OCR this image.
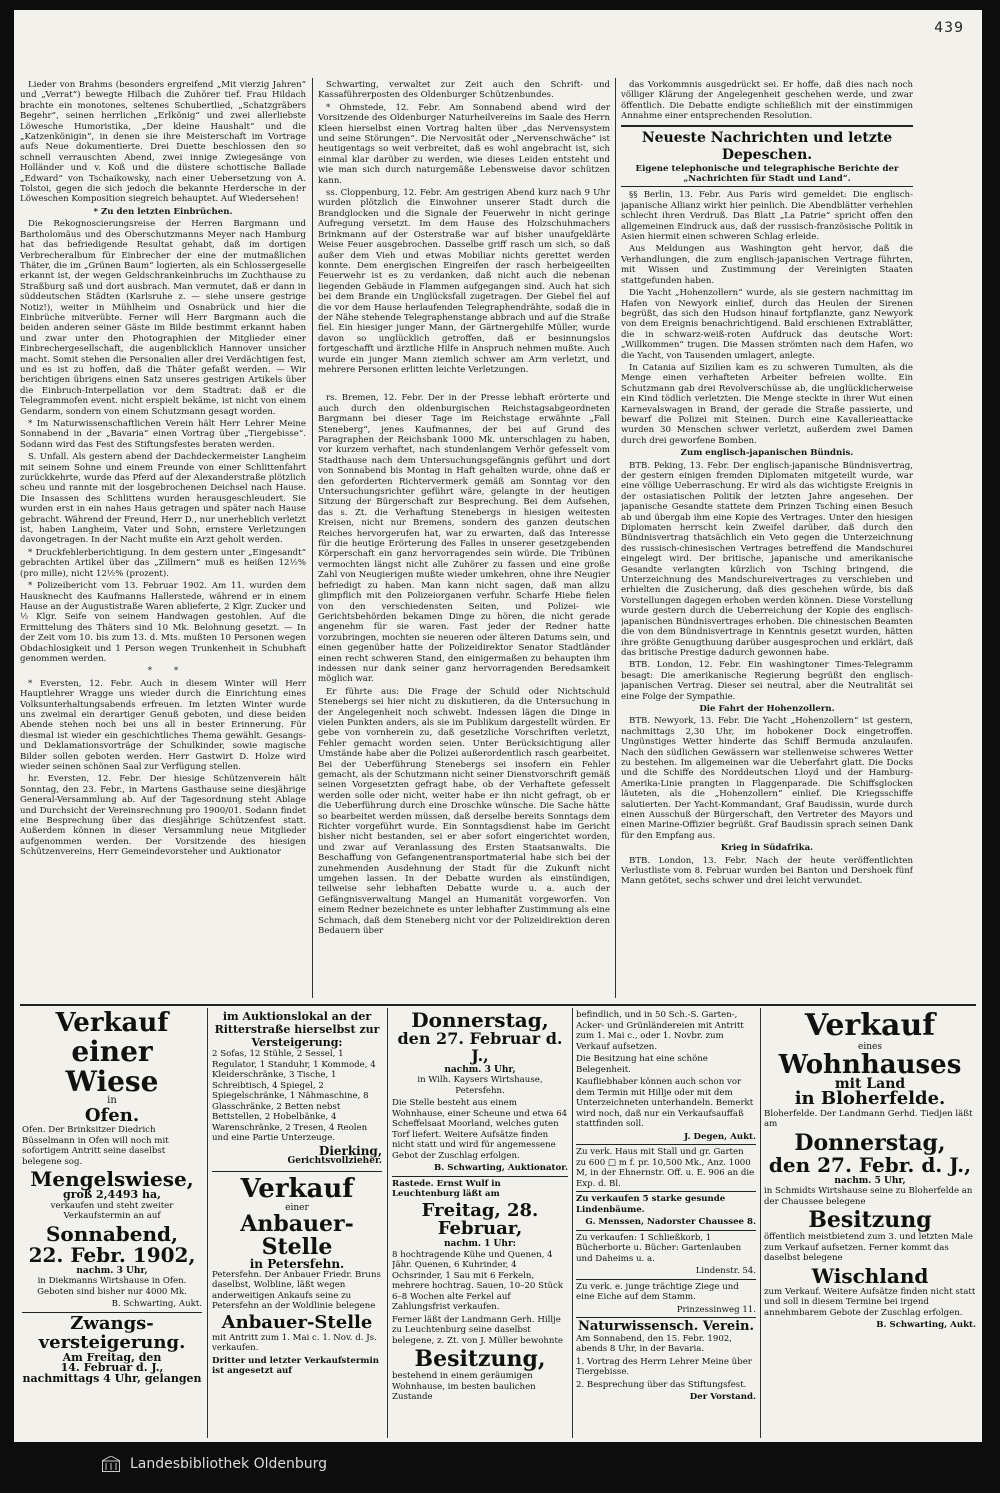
439

Lieder von Brahms (besonders ergreifend „Mit vierzig Jahren“ und „Verrat“) bewegte Hilbach die Zuhörer tief. Frau Hildach brachte ein monotones, seltenes Schubertlied, „Schatzgräbers Begehr“, seinen herrlichen „Erlkönig“ und zwei allerliebste Löwesche Humoristika, „Der kleine Haushalt“ und die „Katzenkönigin“, in denen sie ihre Meisterschaft im Vortrage aufs Neue dokumentierte. Drei Duette beschlossen den so schnell verrauschten Abend, zwei innige Zwiegesänge von Holländer und v. Koß und die düstere schottische Ballade „Edward“ von Tschaikowsky, nach einer Uebersetzung von A. Tolstoi, gegen die sich jedoch die bekannte Herdersche in der Löweschen Komposition siegreich behauptet. Auf Wiedersehen!

* Zu den letzten Einbrüchen.

Die Rekognoscierungsreise der Herren Bargmann und Bartholomäus und des Oberschutzmanns Meyer nach Hamburg hat das befriedigende Resultat gehabt, daß im dortigen Verbrecheralbum für Einbrecher der eine der mutmaßlichen Thäter, die im „Grünen Baum“ logierten, als ein Schlossergeselle erkannt ist, der wegen Geldschrankeinbruchs im Zuchthause zu Straßburg saß und dort ausbrach. Man vermutet, daß er dann in süddeutschen Städten (Karlsruhe z. — siehe unsere gestrige Notiz!), weiter in Mühlheim und Osnabrück und hier die Einbrüche mitverübte. Ferner will Herr Bargmann auch die beiden anderen seiner Gäste im Bilde bestimmt erkannt haben und zwar unter den Photographien der Mitglieder einer Einbrechergesellschaft, die augenblicklich Hannover unsicher macht. Somit stehen die Personalien aller drei Verdächtigen fest, und es ist zu hoffen, daß die Thäter gefaßt werden. — Wir berichtigen übrigens einen Satz unseres gestrigen Artikels über die Einbruch-Interpellation vor dem Stadtrat: daß er die Telegrammofen event. nicht erspielt bekäme, ist nicht von einem Gendarm, sondern von einem Schutzmann gesagt worden.

* Im Naturwissenschaftlichen Verein hält Herr Lehrer Meine Sonnabend in der „Bavaria“ einen Vortrag über „Tiergebisse“. Sodann wird das Fest des Stiftungsfestes beraten werden.

S. Unfall. Als gestern abend der Dachdeckermeister Langheim mit seinem Sohne und einem Freunde von einer Schlittenfahrt zurückkehrte, wurde das Pferd auf der Alexanderstraße plötzlich scheu und rannte mit der losgebrochenen Deichsel nach Hause. Die Insassen des Schlittens wurden herausgeschleudert. Sie wurden erst in ein nahes Haus getragen und später nach Hause gebracht. Während der Freund, Herr D., nur unerheblich verletzt ist, haben Langheim, Vater und Sohn, ernstere Verletzungen davongetragen. In der Nacht mußte ein Arzt geholt werden.

* Druckfehlerberichtigung. In dem gestern unter „Eingesandt“ gebrachten Artikel über das „Zillmern“ muß es heißen 12½% (pro mille), nicht 12½% (prozent).

* Polizeibericht vom 13. Februar 1902. Am 11. wurden dem Hausknecht des Kaufmanns Hallerstede, während er in einem Hause an der Augustistraße Waren ablieferte, 2 Klgr. Zucker und ½ Klgr. Seife von seinem Handwagen gestohlen. Auf die Ermittelung des Thäters sind 10 Mk. Belohnung gesetzt. — In der Zeit vom 10. bis zum 13. d. Mts. mußten 10 Personen wegen Obdachlosigkeit und 1 Person wegen Trunkenheit in Schubhaft genommen werden.

*        *

* Eversten, 12. Febr. Auch in diesem Winter will Herr Hauptlehrer Wragge uns wieder durch die Einrichtung eines Volksunterhaltungsabends erfreuen. Im letzten Winter wurde uns zweimal ein derartiger Genuß geboten, und diese beiden Abende stehen noch bei uns all in bester Erinnerung. Für diesmal ist wieder ein geschichtliches Thema gewählt. Gesangs- und Deklamationsvorträge der Schulkinder, sowie magische Bilder sollen geboten werden. Herr Gastwirt D. Holze wird wieder seinen schönen Saal zur Verfügung stellen.

hr. Eversten, 12. Febr. Der hiesige Schützenverein hält Sonntag, den 23. Febr., in Martens Gasthause seine diesjährige General-Versammlung ab. Auf der Tagesordnung steht Ablage und Durchsicht der Vereinsrechnung pro 1900/01. Sodann findet eine Besprechung über das diesjährige Schützenfest statt. Außerdem können in dieser Versammlung neue Mitglieder aufgenommen werden. Der Vorsitzende des hiesigen Schützenvereins, Herr Gemeindevorsteher und Auktionator

Schwarting, verwaltet zur Zeit auch den Schrift- und Kassaführerposten des Oldenburger Schützenbundes.

* Ohmstede, 12. Febr. Am Sonnabend abend wird der Vorsitzende des Oldenburger Naturheilvereins im Saale des Herrn Kleen hierselbst einen Vortrag halten über „das Nervensystem und seine Störungen“. Die Nervosität oder „Nervenschwäche“ ist heutigentags so weit verbreitet, daß es wohl angebracht ist, sich einmal klar darüber zu werden, wie dieses Leiden entsteht und wie man sich durch naturgemäße Lebensweise davor schützen kann.

ss. Cloppenburg, 12. Febr. Am gestrigen Abend kurz nach 9 Uhr wurden plötzlich die Einwohner unserer Stadt durch die Brandglocken und die Signale der Feuerwehr in nicht geringe Aufregung versetzt. Im dem Hause des Holzschuhmachers Brinkmann auf der Osterstraße war auf bisher unaufgeklärte Weise Feuer ausgebrochen. Dasselbe griff rasch um sich, so daß außer dem Vieh und etwas Mobiliar nichts gerettet werden konnte. Dem energischen Eingreifen der rasch herbeigeeilten Feuerwehr ist es zu verdanken, daß nicht auch die nebenan liegenden Gebäude in Flammen aufgegangen sind. Auch hat sich bei dem Brande ein Unglücksfall zugetragen. Der Giebel fiel auf die vor dem Hause herlaufenden Telegraphendrähte, sodaß die in der Nähe stehende Telegraphenstange abbrach und auf die Straße fiel. Ein hiesiger junger Mann, der Gärtnergehilfe Müller, wurde davon so unglücklich getroffen, daß er besinnungslos fortgeschafft und ärztliche Hilfe in Anspruch nehmen mußte. Auch wurde ein junger Mann ziemlich schwer am Arm verletzt, und mehrere Personen erlitten leichte Verletzungen.

rs. Bremen, 12. Febr. Der in der Presse lebhaft erörterte und auch durch den oldenburgischen Reichstagsabgeordneten Bargmann bei dieser Tage im Reichstage erwähnte „Fall Steneberg“, jenes Kaufmannes, der bei auf Grund des Paragraphen der Reichsbank 1000 Mk. unterschlagen zu haben, vor kurzem verhaftet, nach stundenlangem Verhör gefesselt vom Stadthause nach dem Untersuchungsgefängnis geführt und dort von Sonnabend bis Montag in Haft gehalten wurde, ohne daß er den geforderten Richtervermerk gemäß am Sonntag vor den Untersuchungsrichter geführt wäre, gelangte in der heutigen Sitzung der Bürgerschaft zur Besprechung. Bei dem Aufsehen, das s. Zt. die Verhaftung Stenebergs in hiesigen weitesten Kreisen, nicht nur Bremens, sondern des ganzen deutschen Reiches hervorgerufen hat, war zu erwarten, daß das Interesse für die heutige Erörterung des Falles in unserer gesetzgebenden Körperschaft ein ganz hervorragendes sein würde. Die Tribünen vermochten längst nicht alle Zuhörer zu fassen und eine große Zahl von Neugierigen mußte wieder umkehren, ohne ihre Neugier befriedigt zu haben. Man kann nicht sagen, daß man allzu glimpflich mit den Polizeiorganen verfuhr. Scharfe Hiebe fielen von den verschiedensten Seiten, und Polizei- wie Gerichtsbehörden bekamen Dinge zu hören, die nicht gerade angenehm für sie waren. Fast jeder der Redner hatte vorzubringen, mochten sie neueren oder älteren Datums sein, und einen gegenüber hatte der Polizeidirektor Senator Stadtländer einen recht schweren Stand, den einigermaßen zu behaupten ihm indessen nur dank seiner ganz hervorragenden Beredsamkeit möglich war.

Er führte aus: Die Frage der Schuld oder Nichtschuld Stenebergs sei hier nicht zu diskutieren, da die Untersuchung in der Angelegenheit noch schwebt. Indessen lägen die Dinge in vielen Punkten anders, als sie im Publikum dargestellt würden. Er gebe von vornherein zu, daß gesetzliche Vorschriften verletzt, Fehler gemacht worden seien. Unter Berücksichtigung aller Umstände habe aber die Polizei außerordentlich rasch gearbeitet. Bei der Ueberführung Stenebergs sei insofern ein Fehler gemacht, als der Schutzmann nicht seiner Dienstvorschrift gemäß seinen Vorgesetzten gefragt habe, ob der Verhaftete gefesselt werden solle oder nicht, weiter habe er ihn nicht gefragt, ob er die Ueberführung durch eine Droschke wünsche. Die Sache hätte so bearbeitet werden müssen, daß derselbe bereits Sonntags dem Richter vorgeführt wurde. Ein Sonntagsdienst habe im Gericht bisher nicht bestanden, sei er aber sofort eingerichtet worden, und zwar auf Veranlassung des Ersten Staatsanwalts. Die Beschaffung von Gefangenentransportmaterial habe sich bei der zunehmenden Ausdehnung der Stadt für die Zukunft nicht umgehen lassen. In der Debatte wurden als einstündigen, teilweise sehr lebhaften Debatte wurde u. a. auch der Gefängnisverwaltung Mangel an Humanität vorgeworfen. Von einem Redner bezeichnete es unter lebhafter Zustimmung als eine Schmach, daß dem Steneberg nicht vor der Polizeidirektion deren Bedauern über

das Vorkommnis ausgedrückt sei. Er hoffe, daß dies nach noch völliger Klärung der Angelegenheit geschehen werde, und zwar öffentlich. Die Debatte endigte schließlich mit der einstimmigen Annahme einer entsprechenden Resolution.

Neueste Nachrichten und letzte Depeschen.

Eigene telephonische und telegraphische Berichte der „Nachrichten für Stadt und Land“.

§§ Berlin, 13. Febr. Aus Paris wird gemeldet: Die englisch-japanische Allianz wirkt hier peinlich. Die Abendblätter verhehlen schlecht ihren Verdruß. Das Blatt „La Patrie“ spricht offen den allgemeinen Eindruck aus, daß der russisch-französische Politik in Asien hiermit einen schweren Schlag erleide.

Aus Meldungen aus Washington geht hervor, daß die Verhandlungen, die zum englisch-japanischen Vertrage führten, mit Wissen und Zustimmung der Vereinigten Staaten stattgefunden haben.

Die Yacht „Hohenzollern“ wurde, als sie gestern nachmittag im Hafen von Newyork einlief, durch das Heulen der Sirenen begrüßt, das sich den Hudson hinauf fortpflanzte, ganz Newyork von dem Ereignis benachrichtigend. Bald erschienen Extrablätter, die in schwarz-weiß-roten Aufdruck das deutsche Wort: „Willkommen“ trugen. Die Massen strömten nach dem Hafen, wo die Yacht, von Tausenden umlagert, anlegte.

In Catania auf Sizilien kam es zu schweren Tumulten, als die Menge einen verhafteten Arbeiter befreien wollte. Ein Schutzmann gab drei Revolverschüsse ab, die unglücklicherweise ein Kind tödlich verletzten. Die Menge steckte in ihrer Wut einen Karnevalswagen in Brand, der gerade die Straße passierte, und bewarf die Polizei mit Steinen. Durch eine Kavallerieattacke wurden 30 Menschen schwer verletzt, außerdem zwei Damen durch drei geworfene Bomben.

Zum englisch-japanischen Bündnis.

BTB. Peking, 13. Febr. Der englisch-japanische Bündnisvertrag, der gestern einigen fremden Diplomaten mitgeteilt wurde, war eine völlige Ueberraschung. Er wird als das wichtigste Ereignis in der ostasiatischen Politik der letzten Jahre angesehen. Der japanische Gesandte stattete dem Prinzen Tsching einen Besuch ab und übergab ihm eine Kopie des Vertrages. Unter den hiesigen Diplomaten herrscht kein Zweifel darüber, daß durch den Bündnisvertrag thatsächlich ein Veto gegen die Unterzeichnung des russisch-chinesischen Vertrages betreffend die Mandschurei eingelegt wird. Der britische, japanische und amerikanische Gesandte verlangten kürzlich von Tsching bringend, die Unterzeichnung des Mandschureivertrages zu verschieben und erhielten die Zusicherung, daß dies geschehen würde, bis daß Vorstellungen dagegen erhoben werden können. Diese Vorstellung wurde gestern durch die Ueberreichung der Kopie des englisch-japanischen Bündnisvertrages erhoben. Die chinesischen Beamten die von dem Bündnisvertrage in Kenntnis gesetzt wurden, hätten ihre größte Genugthuung darüber ausgesprochen und erklärt, daß das britische Prestige dadurch gewonnen habe.

BTB. London, 12. Febr. Ein washingtoner Times-Telegramm besagt: Die amerikanische Regierung begrüßt den englisch-japanischen Vertrag. Dieser sei neutral, aber die Neutralität sei eine Folge der Sympathie.

Die Fahrt der Hohenzollern.

BTB. Newyork, 13. Febr. Die Yacht „Hohenzollern“ ist gestern, nachmittags 2,30 Uhr, im hobokener Dock eingetroffen. Ungünstiges Wetter hinderte das Schiff Bermuda anzulaufen. Nach den südlichen Gewässern war stellenweise schweres Wetter zu bestehen. Im allgemeinen war die Ueberfahrt glatt. Die Docks und die Schiffe des Norddeutschen Lloyd und der Hamburg-Amerika-Linie prangten in Flaggenparade. Die Schiffsglocken läuteten, als die „Hohenzollern“ einlief. Die Kriegsschiffe salutierten. Der Yacht-Kommandant, Graf Baudissin, wurde durch einen Ausschuß der Bürgerschaft, den Vertreter des Mayors und einen Marine-Offizier begrüßt. Graf Baudissin sprach seinen Dank für den Empfang aus.

Krieg in Südafrika.

BTB. London, 13. Febr. Nach der heute veröffentlichten Verlustliste vom 8. Februar wurden bei Banton und Dershoek fünf Mann getötet, sechs schwer und drei leicht verwundet.

Verkauf
einer Wiese
in
Ofen.

Ofen. Der Brinksitzer Diedrich Büsselmann in Ofen will noch mit sofortigem Antritt seine daselbst belegene sog.

Mengelswiese,
groß 2,4493 ha,

verkaufen und steht zweiter Verkaufstermin an auf

Sonnabend,
22. Febr. 1902,
nachm. 3 Uhr,

in Diekmanns Wirtshause in Ofen. Geboten sind bisher nur 4000 Mk.

B. Schwarting, Aukt.

Zwangs-
versteigerung.
Am Freitag, den
14. Februar d. J., nachmittags 4 Uhr, gelangen
im Auktionslokal an der Ritterstraße hierselbst zur Versteigerung:

2 Sofas, 12 Stühle, 2 Sessel, 1 Regulator, 1 Standuhr, 1 Kommode, 4 Kleiderschränke, 3 Tische, 1 Schreibtisch, 4 Spiegel, 2 Spiegelschränke, 1 Nähmaschine, 8 Glasschränke, 2 Betten nebst Bettstellen, 2 Hobelbänke, 4 Warenschränke, 2 Tresen, 4 Reolen und eine Partie Unterzeuge.

Dierking,
Gerichtsvollzieher.
Verkauf
einer
Anbauer-Stelle
in Petersfehn.

Petersfehn. Der Anbauer Friedr. Bruns daselbst, Wolbline, läßt wegen anderweitigen Ankaufs seine zu Petersfehn an der Woldlinie belegene

Anbauer-Stelle

mit Antritt zum 1. Mai c. 1. Nov. d. Js. verkaufen.

Dritter und letzter Verkaufstermin ist angesetzt auf

Donnerstag,
den 27. Februar d. J.,
nachm. 3 Uhr,

in Wilh. Kaysers Wirtshause, Petersfehn.

Die Stelle besteht aus einem Wohnhause, einer Scheune und etwa 64 Scheffelsaat Moorland, welches guten Torf liefert. Weitere Aufsätze finden nicht statt und wird für angemessene Gebot der Zuschlag erfolgen.

B. Schwarting, Auktionator.

Rastede. Ernst Wulf in Leuchtenburg läßt am

Freitag, 28. Februar,
nachm. 1 Uhr:

8 hochtragende Kühe und Quenen, 4 Jähr. Quenen, 6 Kuhrinder, 4 Ochsrinder, 1 Sau mit 6 Ferkeln, mehrere hochtrag. Sauen, 10–20 Stück 6–8 Wochen alte Ferkel auf Zahlungsfrist verkaufen.

Ferner läßt der Landmann Gerh. Hillje zu Leuchtenburg seine daselbst belegene, z. Zt. von J. Müller bewohnte

Besitzung,

bestehend in einem geräumigen Wohnhause, im besten baulichen Zustande

befindlich, und in 50 Sch.-S. Garten-, Acker- und Grünländereien mit Antritt zum 1. Mai c., oder 1. Novbr. zum Verkauf aufsetzen.

Die Besitzung hat eine schöne Belegenheit.

Kaufliebhaber können auch schon vor dem Termin mit Hillje oder mit dem Unterzeichneten unterhandeln. Bemerkt wird noch, daß nur ein Verkaufsauffaß stattfinden soll.

J. Degen, Aukt.

Zu verk. Haus mit Stall und gr. Garten zu 600 □ m f. pr. 10,500 Mk., Anz. 1000 M, in der Ehnernstr. Off. u. E. 906 an die Exp. d. Bl.

Zu verkaufen 5 starke gesunde Lindenbäume.

G. Menssen, Nadorster Chaussee 8.

Zu verkaufen: 1 Schließkorb, 1 Bücherborte u. Bücher: Gartenlauben und Daheims u. a.

Lindenstr. 54.

Zu verk. e. junge trächtige Ziege und eine Eiche auf dem Stamm.

Prinzessinweg 11.

Naturwissensch. Verein.

Am Sonnabend, den 15. Febr. 1902, abends 8 Uhr, in der Bavaria.

1. Vortrag des Herrn Lehrer Meine über Tiergebisse.

2. Besprechung über das Stiftungsfest.

Der Vorstand.

Verkauf
eines
Wohnhauses
mit Land
in Bloherfelde.

Bloherfelde. Der Landmann Gerhd. Tiedjen läßt am

Donnerstag,
den 27. Febr. d. J.,
nachm. 5 Uhr,

in Schmidts Wirtshause seine zu Bloherfelde an der Chaussee belegene

Besitzung

öffentlich meistbietend zum 3. und letzten Male zum Verkauf aufsetzen. Ferner kommt das daselbst belegene

Wischland

zum Verkauf. Weitere Aufsätze finden nicht statt und soll in diesem Termine bei irgend annehmbarem Gebote der Zuschlag erfolgen.

B. Schwarting, Aukt.

Landesbibliothek Oldenburg
